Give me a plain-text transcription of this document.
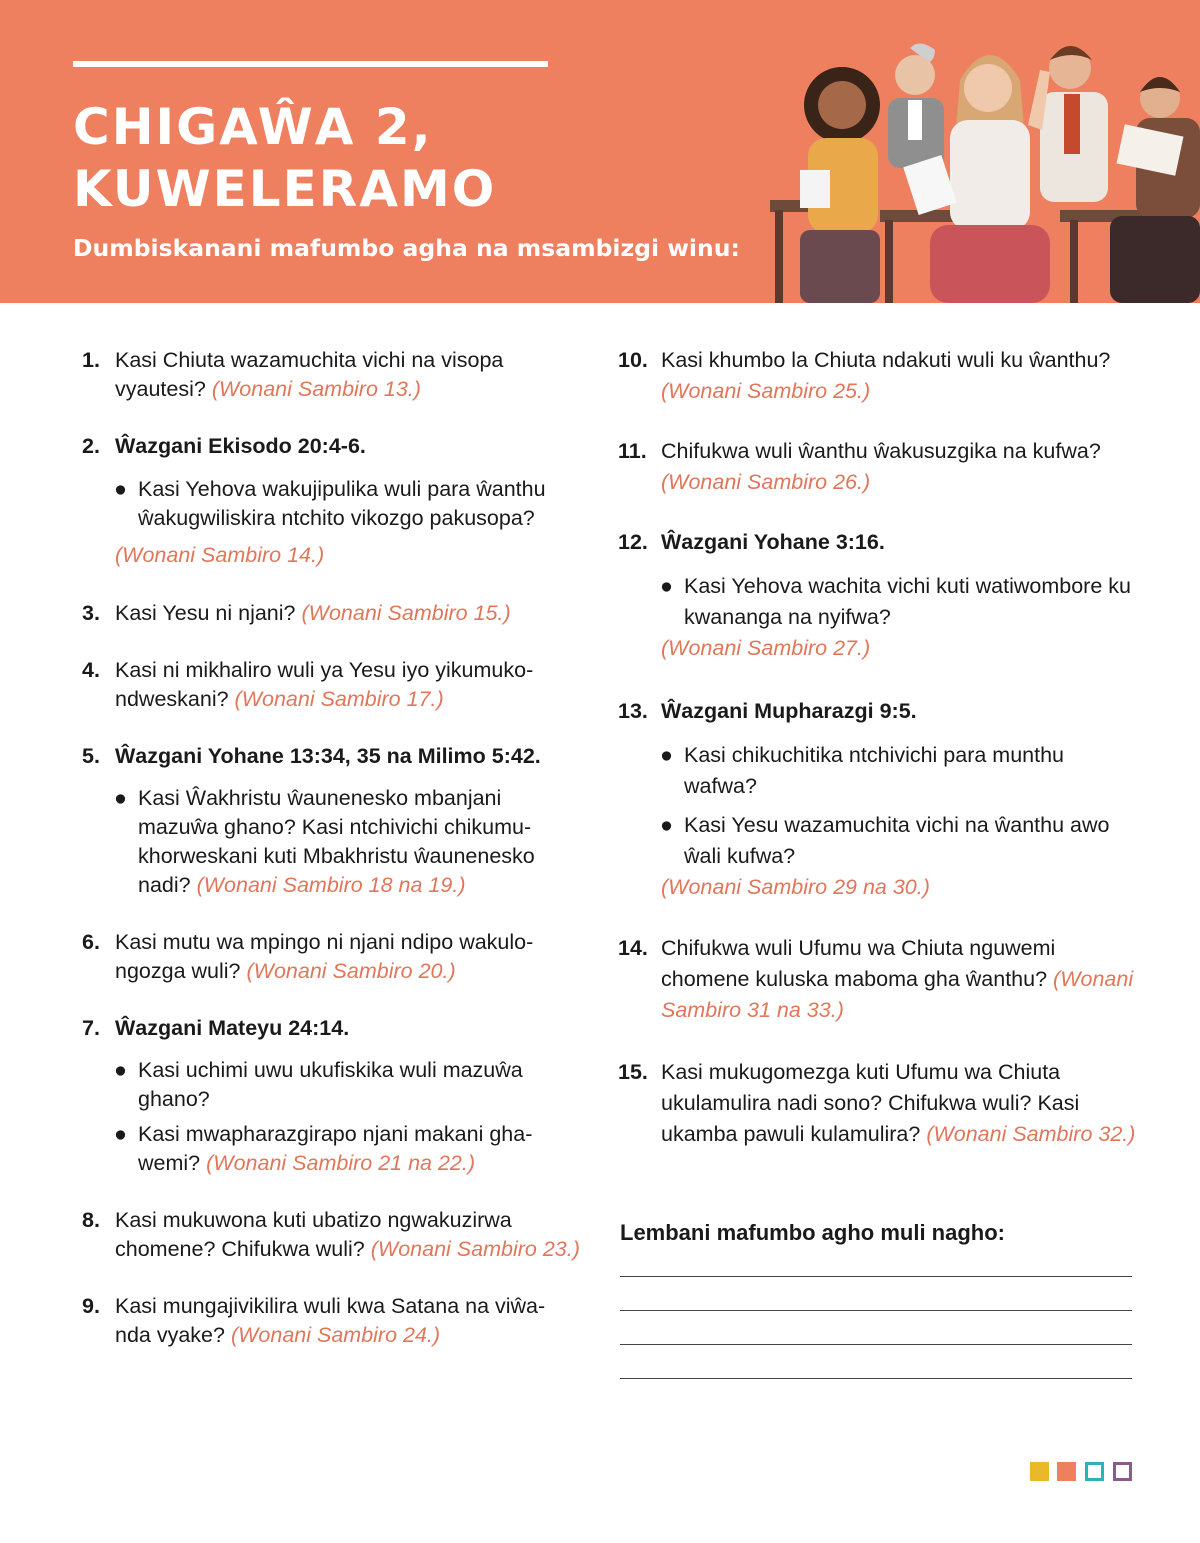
CHIGAŴA 2,
KUWELERAMO

Dumbiskanani mafumbo agha na msambizgi winu:

1. Kasi Chiuta wazamuchita vichi na visopa vyautesi? (Wonani Sambiro 13.)
2. Ŵazgani Ekisodo 20:4-6.
● Kasi Yehova wakujipulika wuli para ŵanthu ŵakugwiliskira ntchito vikozgo pakusopa?
(Wonani Sambiro 14.)
3. Kasi Yesu ni njani? (Wonani Sambiro 15.)
4. Kasi ni mikhaliro wuli ya Yesu iyo yikumuko- ndweskani? (Wonani Sambiro 17.)
5. Ŵazgani Yohane 13:34, 35 na Milimo 5:42.
● Kasi Ŵakhristu ŵaunenesko mbanjani mazuŵa ghano? Kasi ntchivichi chikumu- khorweskani kuti Mbakhristu ŵaunenesko nadi? (Wonani Sambiro 18 na 19.)
6. Kasi mutu wa mpingo ni njani ndipo wakulo- ngozga wuli? (Wonani Sambiro 20.)
7. Ŵazgani Mateyu 24:14.
● Kasi uchimi uwu ukufiskika wuli mazuŵa ghano?
● Kasi mwapharazgirapo njani makani gha- wemi? (Wonani Sambiro 21 na 22.)
8. Kasi mukuwona kuti ubatizo ngwakuzirwa chomene? Chifukwa wuli? (Wonani Sambiro 23.)
9. Kasi mungajivikilira wuli kwa Satana na viŵa- nda vyake? (Wonani Sambiro 24.)
10. Kasi khumbo la Chiuta ndakuti wuli ku ŵanthu? (Wonani Sambiro 25.)
11. Chifukwa wuli ŵanthu ŵakusuzgika na kufwa? (Wonani Sambiro 26.)
12. Ŵazgani Yohane 3:16.
● Kasi Yehova wachita vichi kuti watiwombore ku kwananga na nyifwa?
(Wonani Sambiro 27.)
13. Ŵazgani Mupharazgi 9:5.
● Kasi chikuchitika ntchivichi para munthu wafwa?
● Kasi Yesu wazamuchita vichi na ŵanthu awo ŵali kufwa?
(Wonani Sambiro 29 na 30.)
14. Chifukwa wuli Ufumu wa Chiuta nguwemi chomene kuluska maboma gha ŵanthu? (Wonani Sambiro 31 na 33.)
15. Kasi mukugomezga kuti Ufumu wa Chiuta ukulamulira nadi sono? Chifukwa wuli? Kasi ukamba pawuli kulamulira? (Wonani Sambiro 32.)

Lembani mafumbo agho muli nagho:
